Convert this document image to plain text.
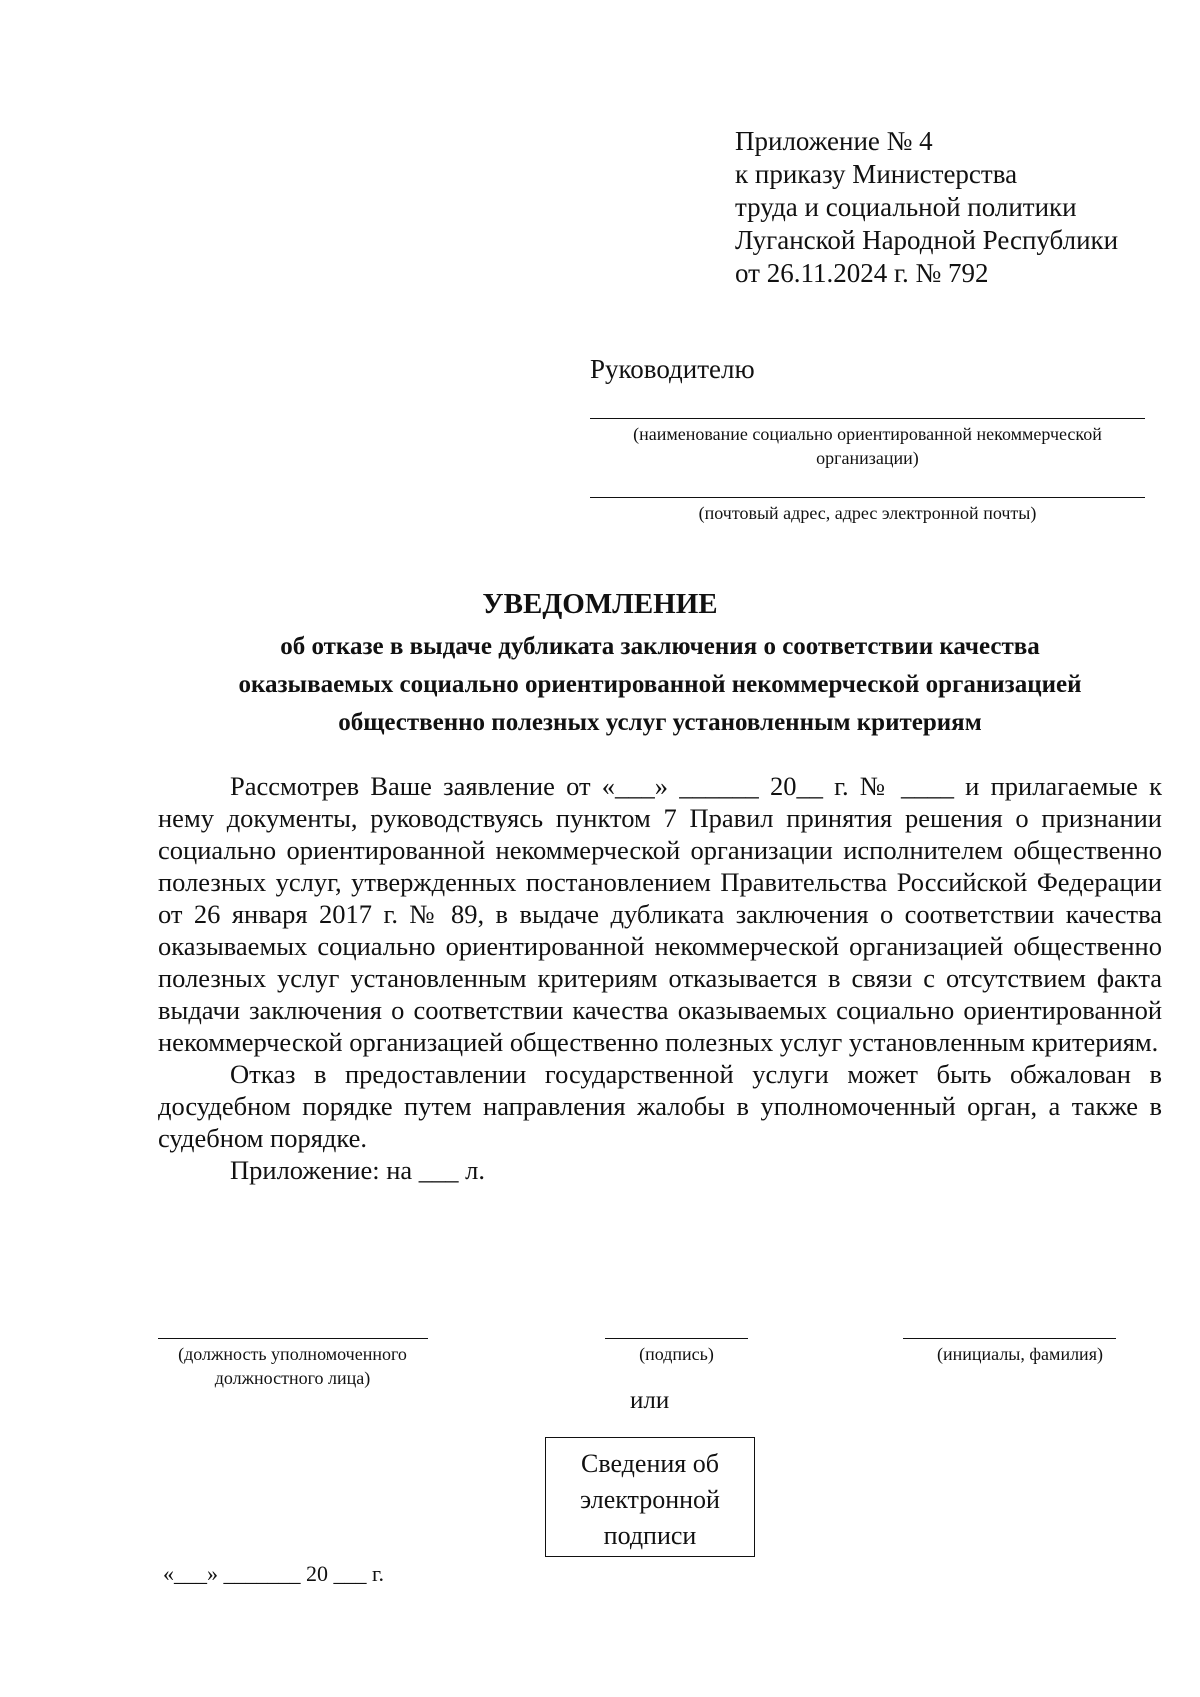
Приложение № 4
к приказу Министерства
труда и социальной политики
Луганской Народной Республики
от 26.11.2024 г. № 792
Руководителю
(наименование социально ориентированной некоммерческой
организации)
(почтовый адрес, адрес электронной почты)
УВЕДОМЛЕНИЕ
об отказе в выдаче дубликата заключения о соответствии качества
оказываемых социально ориентированной некоммерческой организацией
общественно полезных услуг установленным критериям

Рассмотрев Ваше заявление от «___» ______ 20__ г. № ____ и прилагаемые к нему документы, руководствуясь пунктом 7 Правил принятия решения о признании социально ориентированной некоммерческой организации исполнителем общественно полезных услуг, утвержденных постановлением Правительства Российской Федерации от 26 января 2017 г. № 89, в выдаче дубликата заключения о соответствии качества оказываемых социально ориентированной некоммерческой организацией общественно полезных услуг установленным критериям отказывается в связи с отсутствием факта выдачи заключения о соответствии качества оказываемых социально ориентированной некоммерческой организацией общественно полезных услуг установленным критериям.

Отказ в предоставлении государственной услуги может быть обжалован в досудебном порядке путем направления жалобы в уполномоченный орган, а также в судебном порядке.

Приложение: на ___ л.

(должность уполномоченного
должностного лица)
(подпись)	(инициалы, фамилия)
или
Сведения об
электронной
подписи
«___» _______ 20 ___ г.
